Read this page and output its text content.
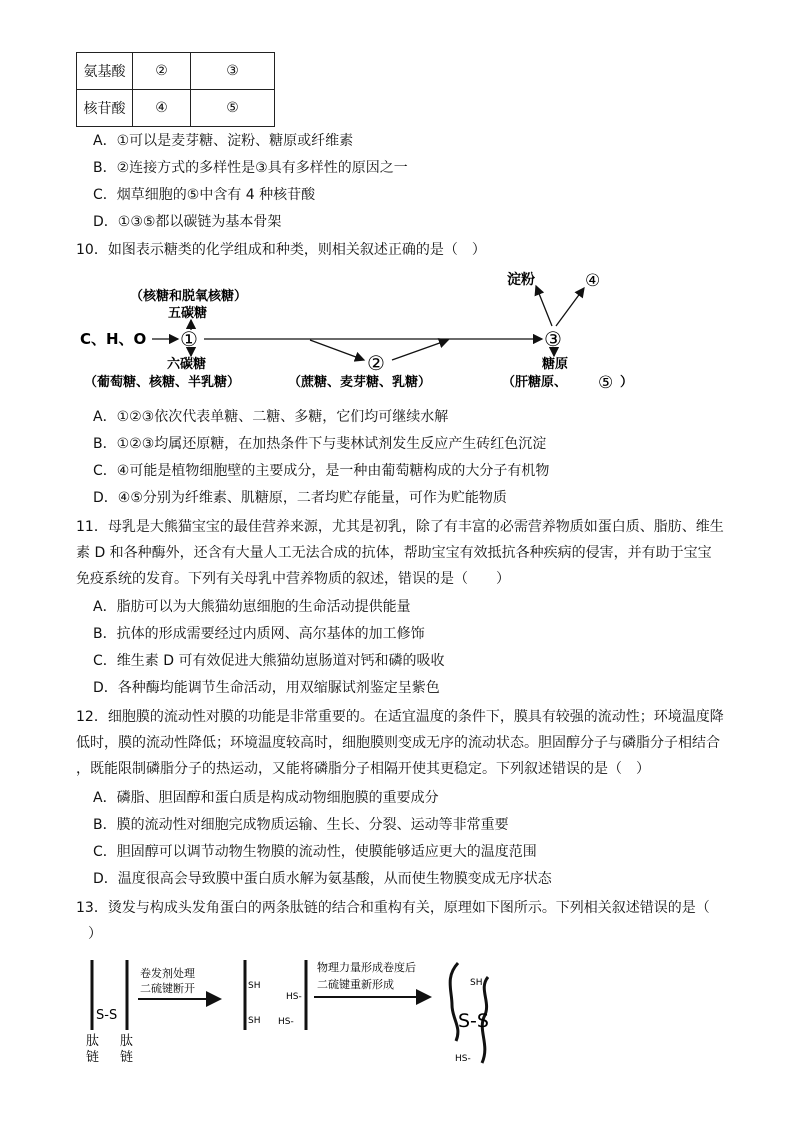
氨基酸	②	③
核苷酸	④	⑤
A．①可以是麦芽糖、淀粉、糖原或纤维素
B．②连接方式的多样性是③具有多样性的原因之一
C．烟草细胞的⑤中含有 4 种核苷酸
D．①③⑤都以碳链为基本骨架
10．如图表示糖类的化学组成和种类，则相关叙述正确的是（　）
（核糖和脱氧核糖）
五碳糖
淀粉	④
C、H、O ①	③
②
六碳糖
（葡萄糖、核糖、半乳糖）	（蔗糖、麦芽糖、乳糖）
糖原
（肝糖原、 ⑤ ）
A．①②③依次代表单糖、二糖、多糖，它们均可继续水解
B．①②③均属还原糖，在加热条件下与斐林试剂发生反应产生砖红色沉淀
C．④可能是植物细胞壁的主要成分，是一种由葡萄糖构成的大分子有机物
D．④⑤分别为纤维素、肌糖原，二者均贮存能量，可作为贮能物质
11．母乳是大熊猫宝宝的最佳营养来源，尤其是初乳，除了有丰富的必需营养物质如蛋白质、脂肪、维生
素 D 和各种酶外，还含有大量人工无法合成的抗体，帮助宝宝有效抵抗各种疾病的侵害，并有助于宝宝
免疫系统的发育。下列有关母乳中营养物质的叙述，错误的是（　　）
A．脂肪可以为大熊猫幼崽细胞的生命活动提供能量
B．抗体的形成需要经过内质网、高尔基体的加工修饰
C．维生素 D 可有效促进大熊猫幼崽肠道对钙和磷的吸收
D．各种酶均能调节生命活动，用双缩脲试剂鉴定呈紫色
12．细胞膜的流动性对膜的功能是非常重要的。在适宜温度的条件下，膜具有较强的流动性；环境温度降
低时，膜的流动性降低；环境温度较高时，细胞膜则变成无序的流动状态。胆固醇分子与磷脂分子相结合
，既能限制磷脂分子的热运动，又能将磷脂分子相隔开使其更稳定。下列叙述错误的是（　）
A．磷脂、胆固醇和蛋白质是构成动物细胞膜的重要成分
B．膜的流动性对细胞完成物质运输、生长、分裂、运动等非常重要
C．胆固醇可以调节动物生物膜的流动性，使膜能够适应更大的温度范围
D．温度很高会导致膜中蛋白质水解为氨基酸，从而使生物膜变成无序状态
13．烫发与构成头发角蛋白的两条肽链的结合和重构有关，原理如下图所示。下列相关叙述错误的是（
）
S-S
肽
链
肽
链
卷发剂处理
二硫键断开	SH
SH
HS-
HS-
物理力量形成卷度后
二硫键重新形成	SH
S-S
HS-
